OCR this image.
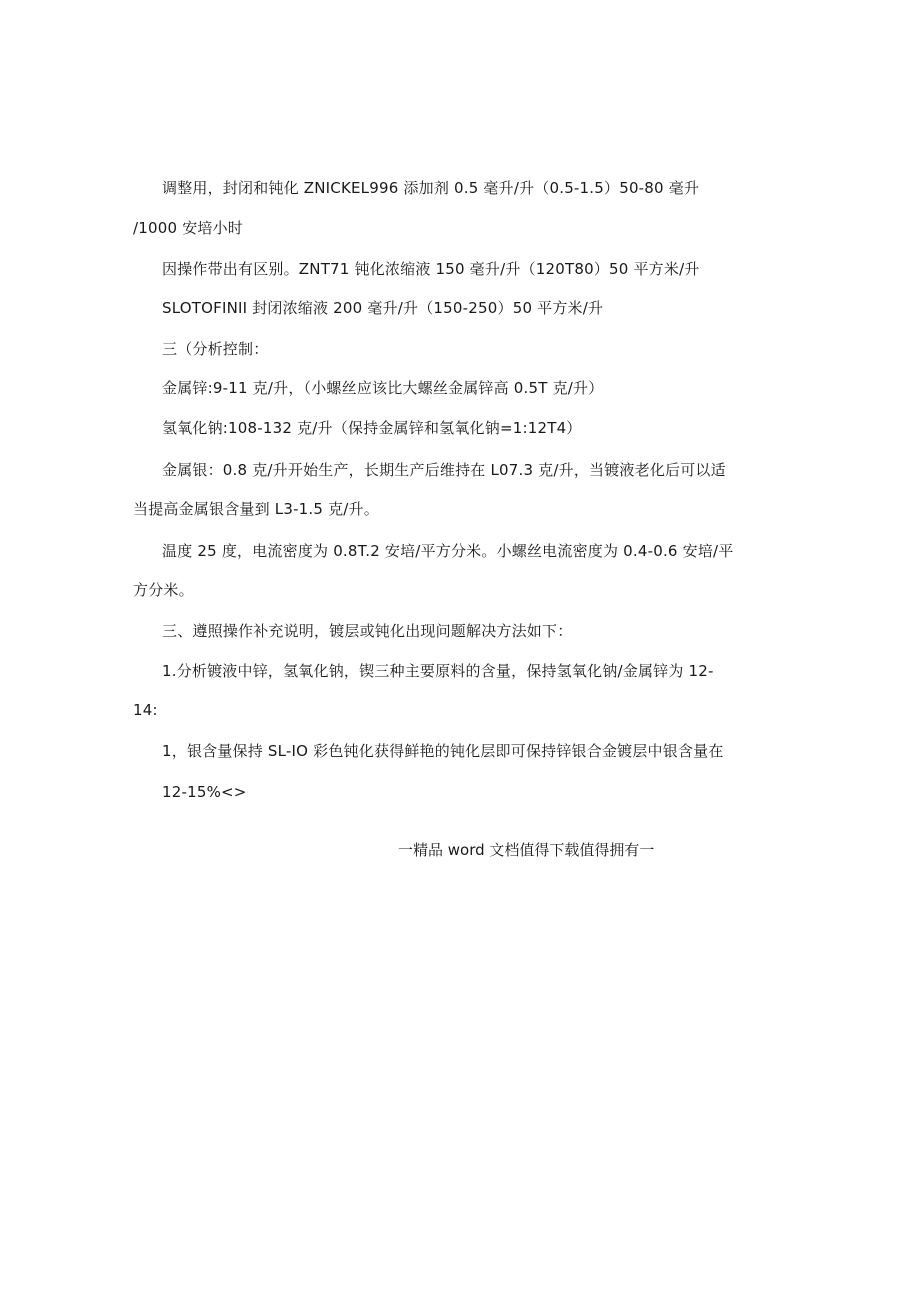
调整用，封闭和钝化 ZNICKEL996 添加剂 0.5 毫升/升（0.5-1.5）50-80 毫升
/1000 安培小时
因操作带出有区别。ZNT71 钝化浓缩液 150 毫升/升（120T80）50 平方米/升
SLOTOFINII 封闭浓缩液 200 毫升/升（150-250）50 平方米/升
三（分析控制：
金属锌:9-11 克/升，（小螺丝应该比大螺丝金属锌高 0.5T 克/升）
氢氧化钠:108-132 克/升（保持金属锌和氢氧化钠=1:12T4）
金属银：0.8 克/升开始生产，长期生产后维持在 L07.3 克/升，当镀液老化后可以适
当提高金属银含量到 L3-1.5 克/升。
温度 25 度，电流密度为 0.8T.2 安培/平方分米。小螺丝电流密度为 0.4-0.6 安培/平
方分米。
三、遵照操作补充说明，镀层或钝化出现问题解决方法如下：
1.分析镀液中锌，氢氧化钠，锲三种主要原料的含量，保持氢氧化钠/金属锌为 12-
14:
1，银含量保持 SL-IO 彩色钝化获得鲜艳的钝化层即可保持锌银合金镀层中银含量在
12-15%<>
一精品 word 文档值得下载值得拥有一
